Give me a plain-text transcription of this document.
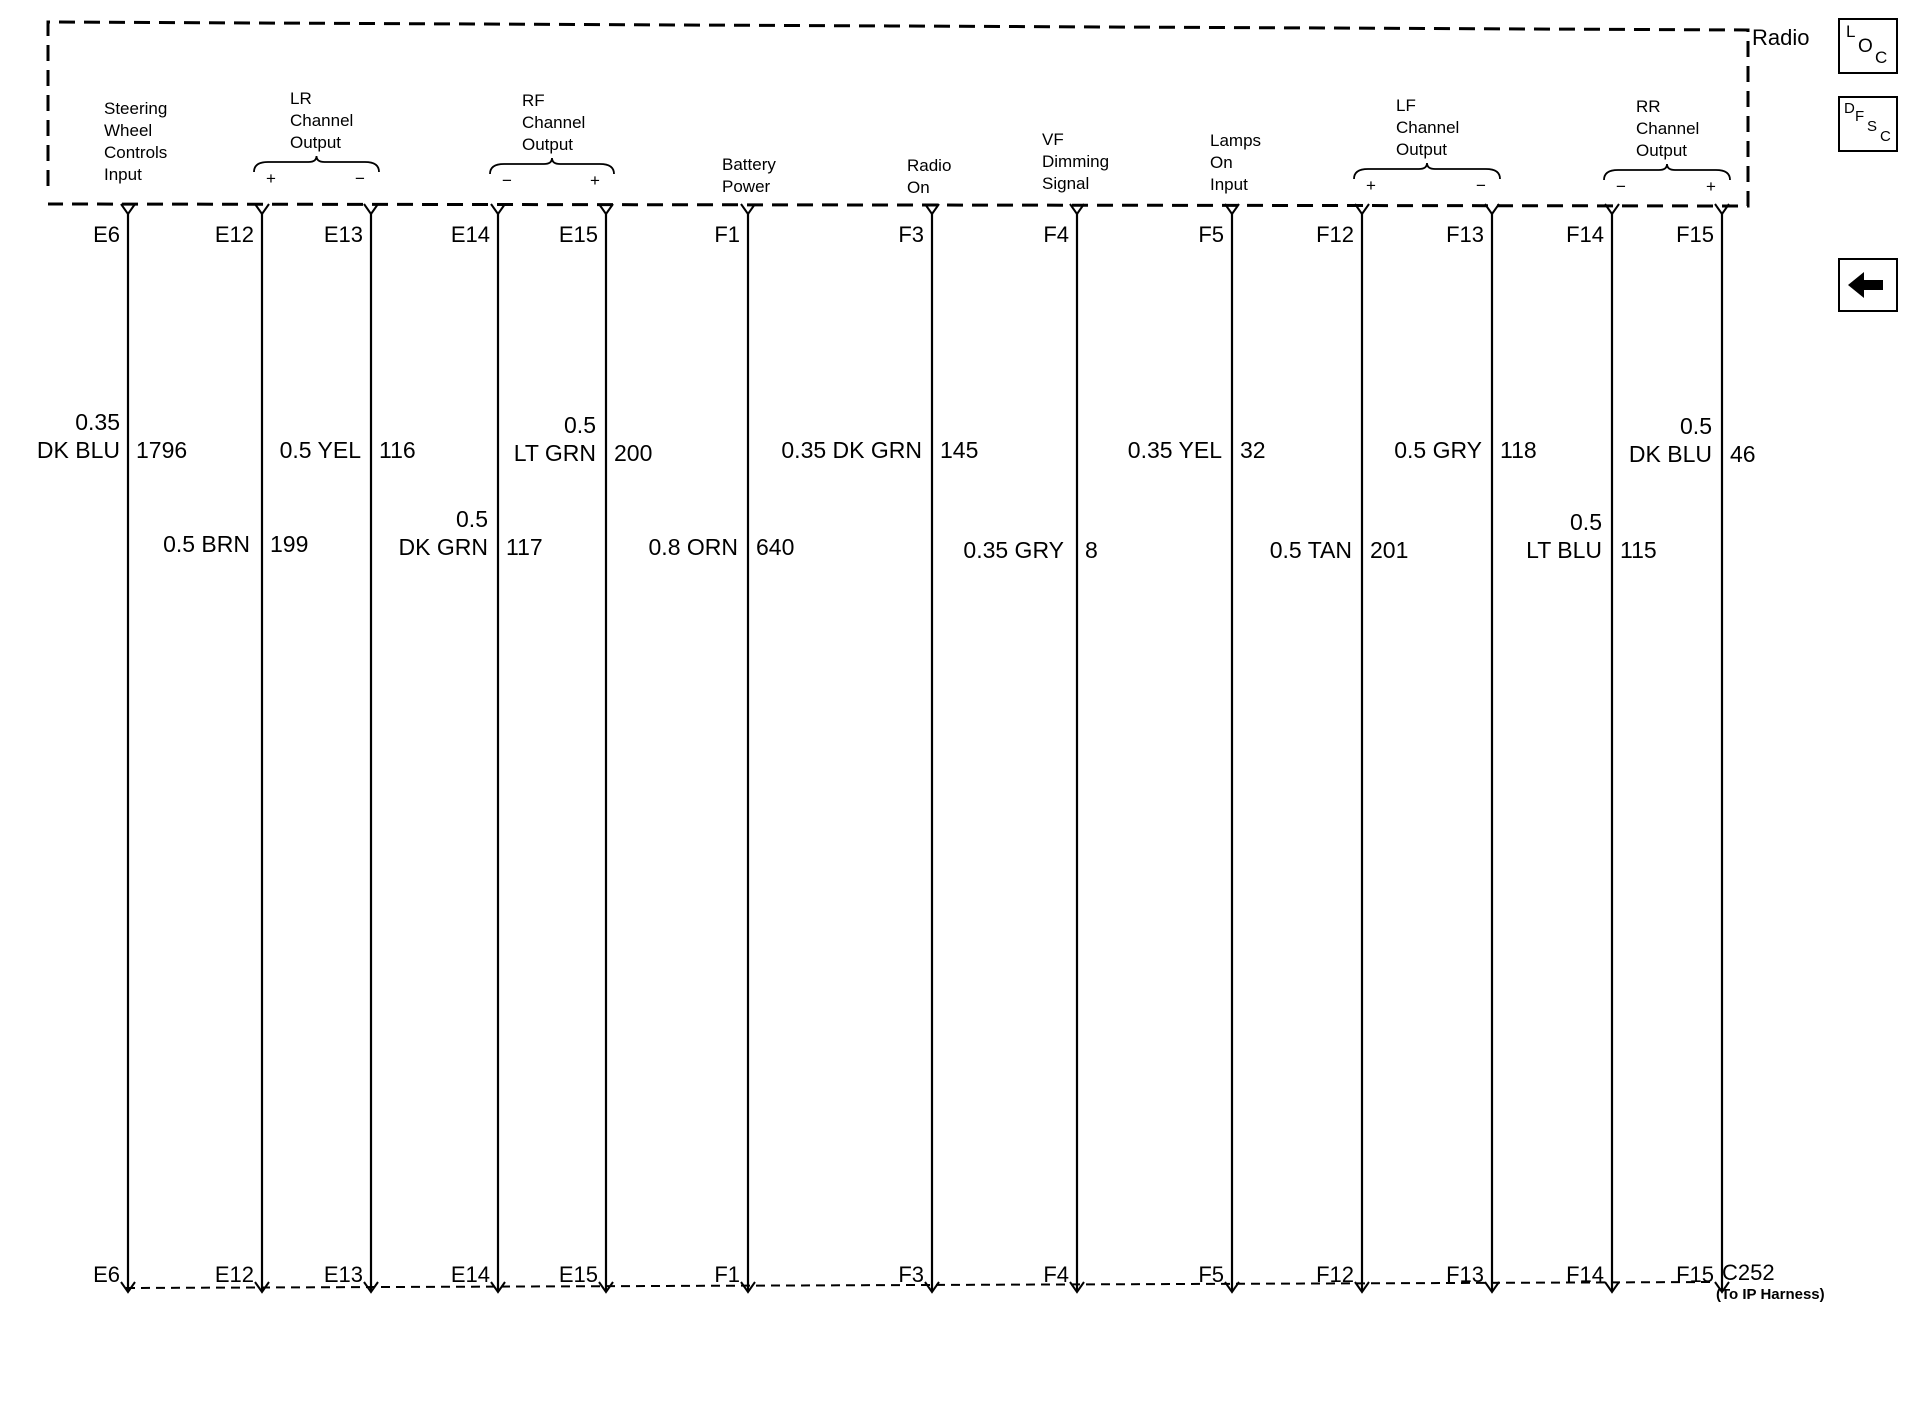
Radio
C252
(To IP Harness)
Steering
Wheel
Controls
Input
LR
Channel
Output
+	−
RF
Channel
Output
−	+
Battery
Power
Radio
On
VF
Dimming
Signal
Lamps
On
Input
LF
Channel
Output
+	−
RR
Channel
Output
−	+
E6
E6
0.35
DK BLU 1796
E12
E12
0.5 BRN 199
E13
E13
0.5 YEL 116
E14
E14
0.5
DK GRN 117
E15
E15
0.5
LT GRN 200
F1
F1
0.8 ORN 640
F3
F3
0.35 DK GRN 145
F4
F4
0.35 GRY 8
F5
F5
0.35 YEL 32
F12
F12
0.5 TAN 201
F13
F13
0.5 GRY 118
F14
F14
0.5
LT BLU 115
F15
F15
0.5
DK BLU 46
L
O
C
D F
S
C
